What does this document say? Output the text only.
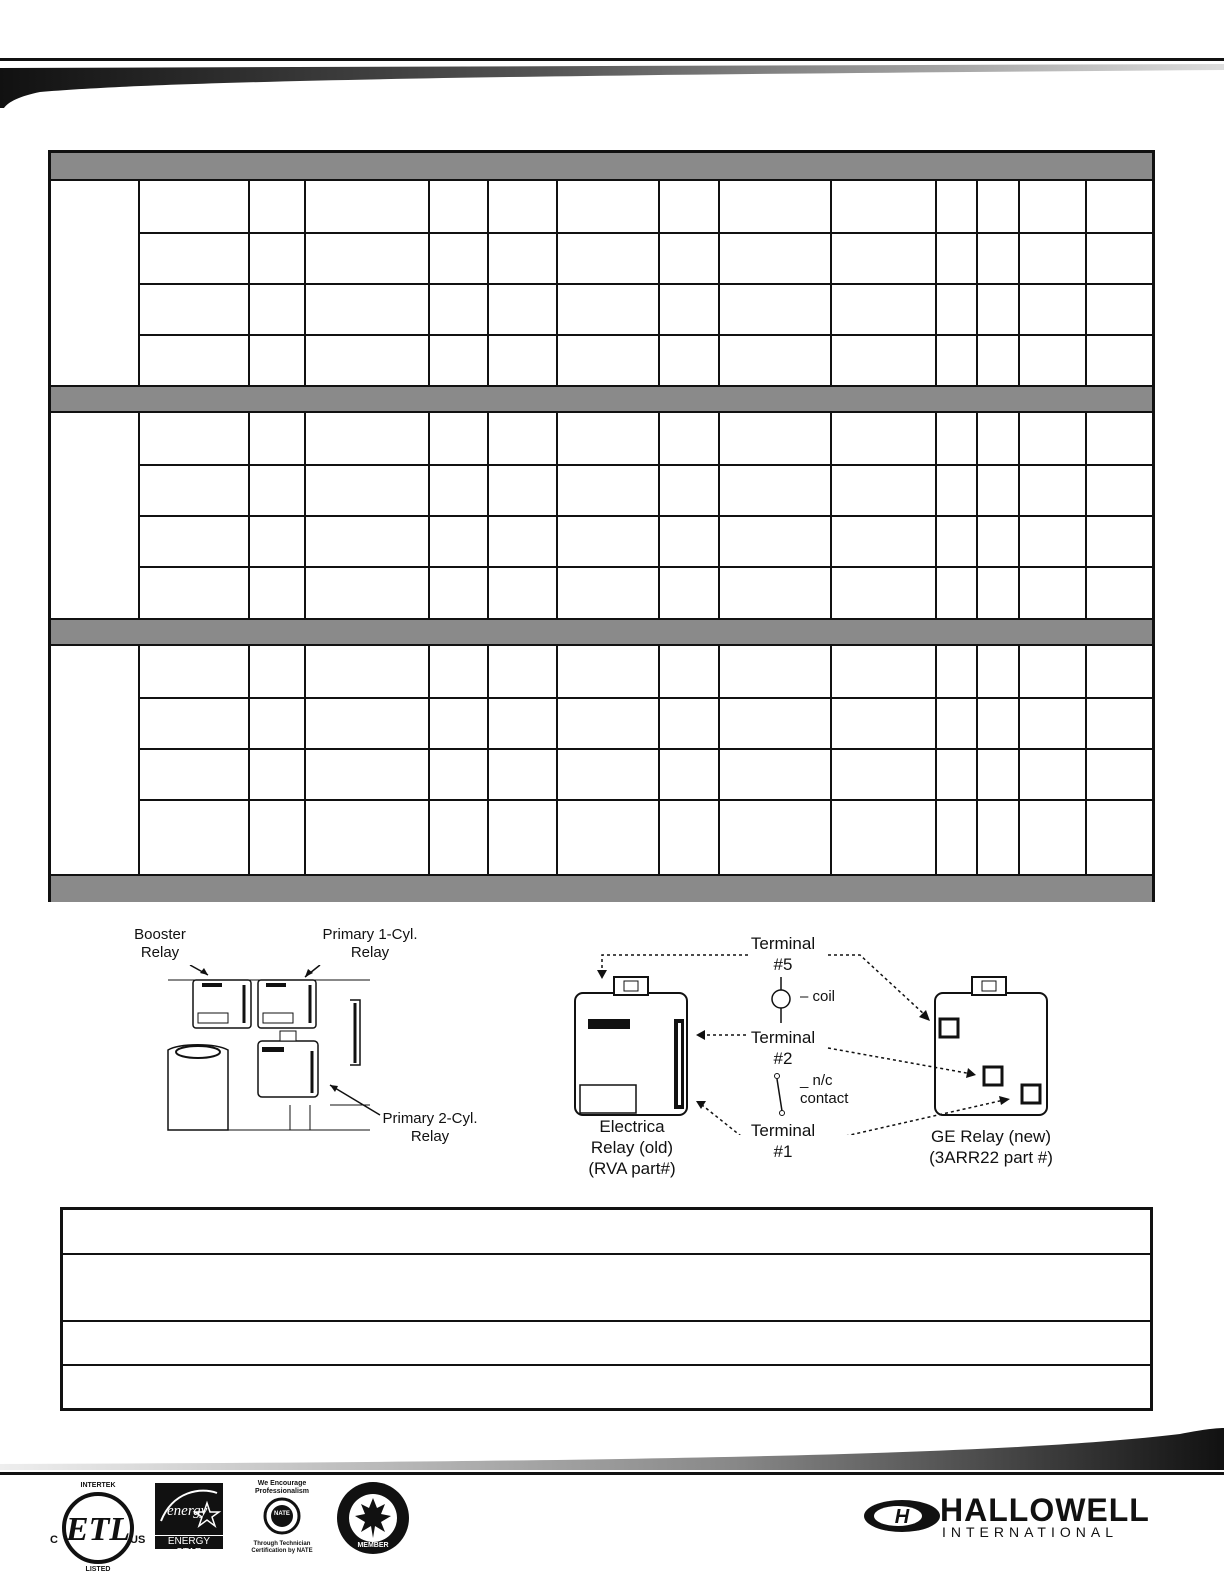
Booster
Relay
Primary 1-Cyl.
Relay
Primary 2-Cyl.
Relay
Terminal
#5
– coil
Terminal
#2
_ n/c
contact
Terminal
#1
Electrica
Relay (old)
(RVA part#)
GE Relay (new)
(3ARR22 part #)
ETL
INTERTEK
LISTED
C	US
energy
ENERGY STAR
We Encourage
Professionalism
NATE
Through Technician
Certification by NATE
MEMBER
H HALLOWELL
INTERNATIONAL
